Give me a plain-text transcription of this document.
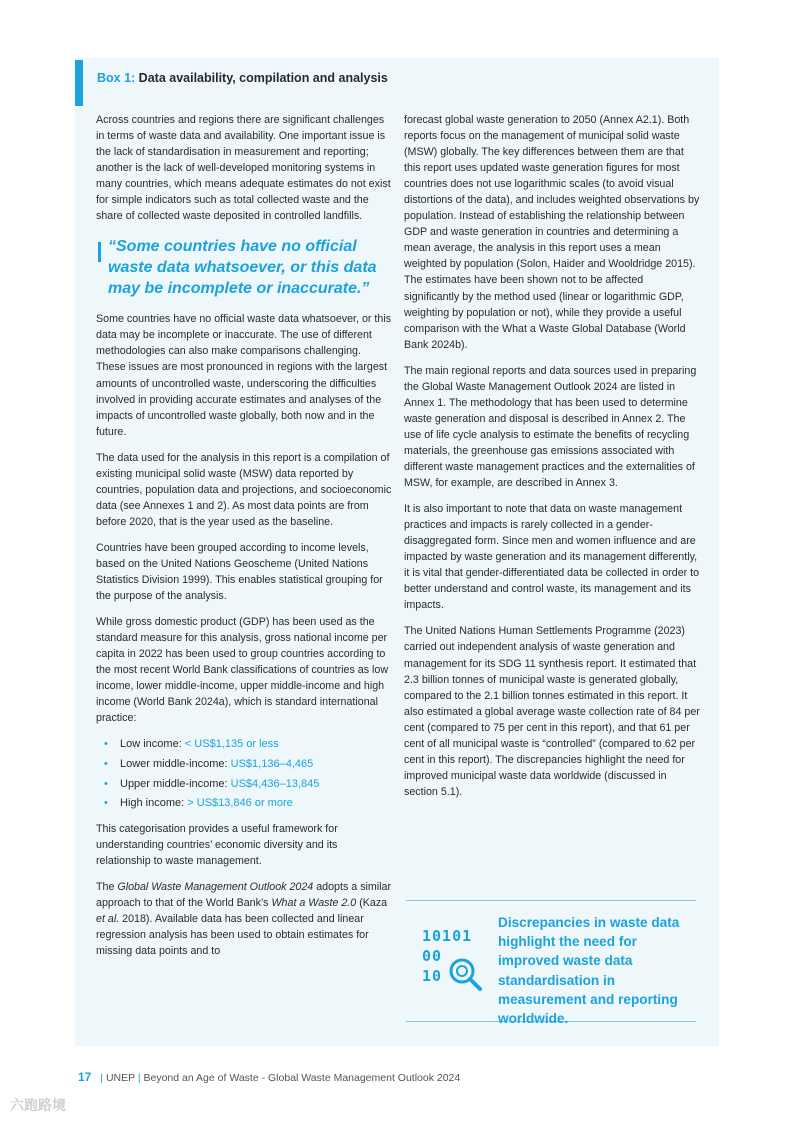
Box 1: Data availability, compilation and analysis

Across countries and regions there are significant challenges in terms of waste data and availability. One important issue is the lack of standardisation in measurement and reporting; another is the lack of well-developed monitoring systems in many countries, which means adequate estimates do not exist for simple indicators such as total collected waste and the share of collected waste deposited in controlled landfills.

“Some countries have no official waste data whatsoever, or this data may be incomplete or inaccurate.”

Some countries have no official waste data whatsoever, or this data may be incomplete or inaccurate. The use of different methodologies can also make comparisons challenging. These issues are most pronounced in regions with the largest amounts of uncontrolled waste, underscoring the difficulties involved in providing accurate estimates and analyses of the impacts of uncontrolled waste globally, both now and in the future.

The data used for the analysis in this report is a compilation of existing municipal solid waste (MSW) data reported by countries, population data and projections, and socioeconomic data (see Annexes 1 and 2). As most data points are from before 2020, that is the year used as the baseline.

Countries have been grouped according to income levels, based on the United Nations Geoscheme (United Nations Statistics Division 1999). This enables statistical grouping for the purpose of the analysis.

While gross domestic product (GDP) has been used as the standard measure for this analysis, gross national income per capita in 2022 has been used to group countries according to the most recent World Bank classifications of countries as low income, lower middle-income, upper middle-income and high income (World Bank 2024a), which is standard international practice:

• Low income: < US$1,135 or less
• Lower middle-income: US$1,136–4,465
• Upper middle-income: US$4,436–13,845
• High income: > US$13,846 or more

This categorisation provides a useful framework for understanding countries’ economic diversity and its relationship to waste management.

The Global Waste Management Outlook 2024 adopts a similar approach to that of the World Bank’s What a Waste 2.0 (Kaza et al. 2018). Available data has been collected and linear regression analysis has been used to obtain estimates for missing data points and to

forecast global waste generation to 2050 (Annex A2.1). Both reports focus on the management of municipal solid waste (MSW) globally. The key differences between them are that this report uses updated waste generation figures for most countries does not use logarithmic scales (to avoid visual distortions of the data), and includes weighted observations by population. Instead of establishing the relationship between GDP and waste generation in countries and determining a mean average, the analysis in this report uses a mean weighted by population (Solon, Haider and Wooldridge 2015). The estimates have been shown not to be affected significantly by the method used (linear or logarithmic GDP, weighting by population or not), while they provide a useful comparison with the What a Waste Global Database (World Bank 2024b).

The main regional reports and data sources used in preparing the Global Waste Management Outlook 2024 are listed in Annex 1. The methodology that has been used to determine waste generation and disposal is described in Annex 2. The use of life cycle analysis to estimate the benefits of recycling materials, the greenhouse gas emissions associated with different waste management practices and the externalities of MSW, for example, are described in Annex 3.

It is also important to note that data on waste management practices and impacts is rarely collected in a gender-disaggregated form. Since men and women influence and are impacted by waste generation and its management differently, it is vital that gender-differentiated data be collected in order to better understand and control waste, its management and its impacts.

The United Nations Human Settlements Programme (2023) carried out independent analysis of waste generation and management for its SDG 11 synthesis report. It estimated that 2.3 billion tonnes of municipal waste is generated globally, compared to the 2.1 billion tonnes estimated in this report. It also estimated a global average waste collection rate of 84 per cent (compared to 75 per cent in this report), and that 61 per cent of all municipal waste is “controlled” (compared to 62 per cent in this report). The discrepancies highlight the need for improved municipal waste data worldwide (discussed in section 5.1).

10101
00
10
Discrepancies in waste data highlight the need for improved waste data standardisation in measurement and reporting worldwide.
17 | UNEP | Beyond an Age of Waste - Global Waste Management Outlook 2024
六跑路境
